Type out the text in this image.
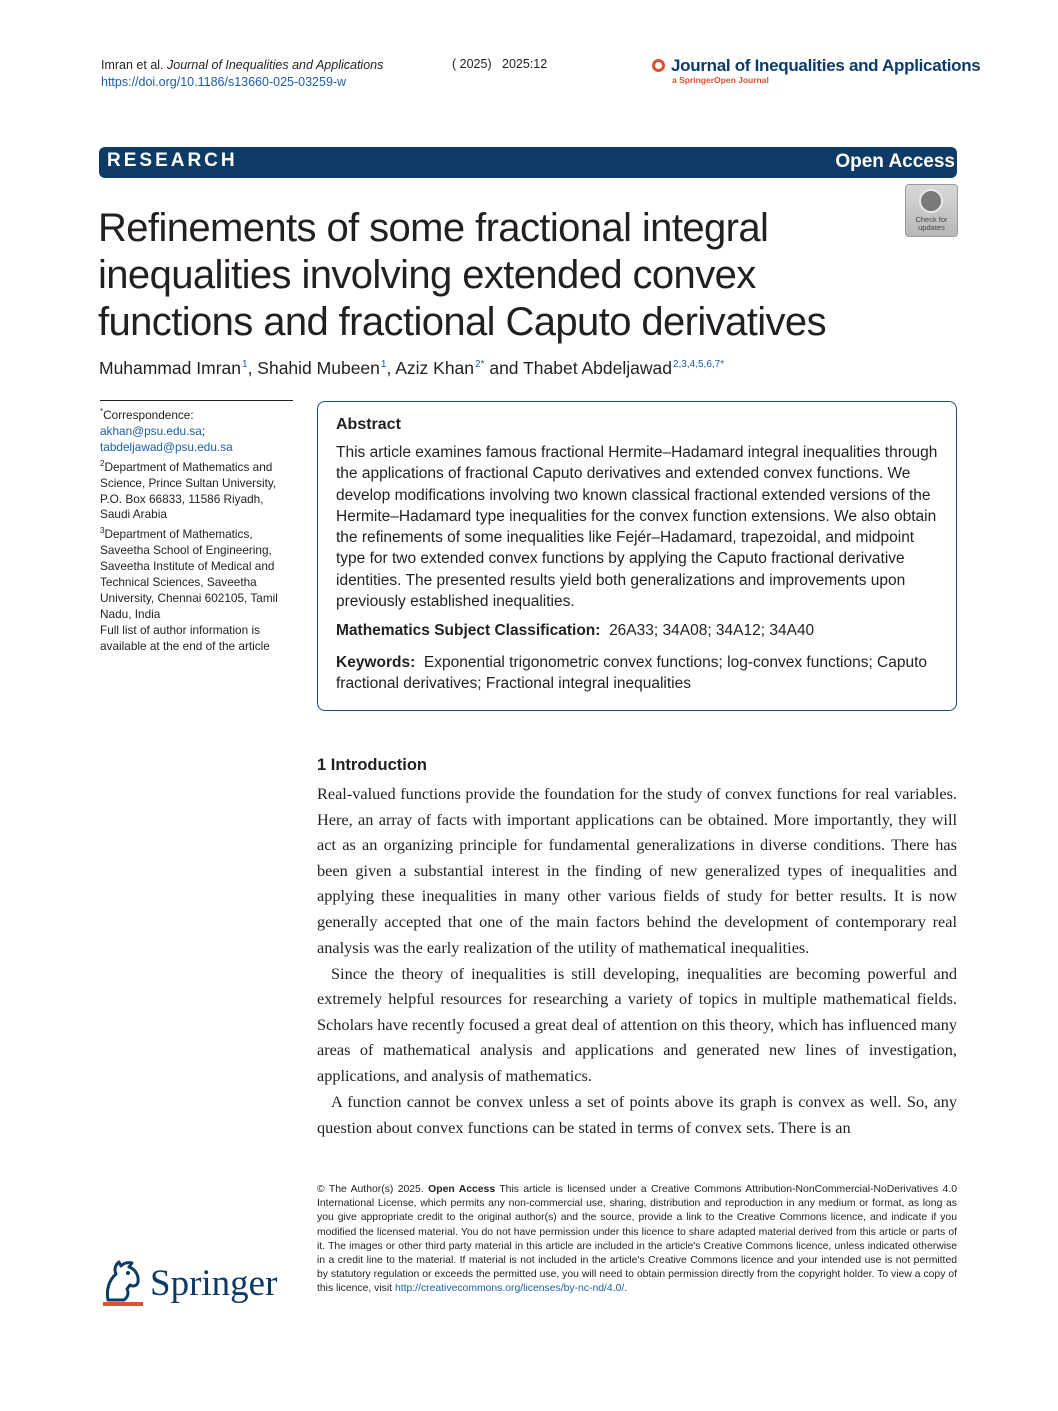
Imran et al. Journal of Inequalities and Applications
https://doi.org/10.1186/s13660-025-03259-w
( 2025) 2025:12	Journal of Inequalities and Applications
a SpringerOpen Journal
RESEARCH	Open Access
Refinements of some fractional integral inequalities involving extended convex functions and fractional Caputo derivatives
Check for updates
Muhammad Imran$^1$, Shahid Mubeen$^1$, Aziz Khan$^{2*}$ and Thabet Abdeljawad$^{2,3,4,5,6,7*}$
*Correspondence:
akhan@psu.edu.sa;
tabdeljawad@psu.edu.sa
$^2$Department of Mathematics and Science, Prince Sultan University, P.O. Box 66833, 11586 Riyadh, Saudi Arabia
$^3$Department of Mathematics, Saveetha School of Engineering, Saveetha Institute of Medical and Technical Sciences, Saveetha University, Chennai 602105, Tamil Nadu, India
Full list of author information is available at the end of the article
Abstract
This article examines famous fractional Hermite–Hadamard integral inequalities through the applications of fractional Caputo derivatives and extended convex functions. We develop modifications involving two known classical fractional extended versions of the Hermite–Hadamard type inequalities for the convex function extensions. We also obtain the refinements of some inequalities like Fejér–Hadamard, trapezoidal, and midpoint type for two extended convex functions by applying the Caputo fractional derivative identities. The presented results yield both generalizations and improvements upon previously established inequalities.
Mathematics Subject Classification: 26A33; 34A08; 34A12; 34A40
Keywords: Exponential trigonometric convex functions; log-convex functions; Caputo fractional derivatives; Fractional integral inequalities
1 Introduction

Real-valued functions provide the foundation for the study of convex functions for real variables. Here, an array of facts with important applications can be obtained. More importantly, they will act as an organizing principle for fundamental generalizations in diverse conditions. There has been given a substantial interest in the finding of new generalized types of inequalities and applying these inequalities in many other various fields of study for better results. It is now generally accepted that one of the main factors behind the development of contemporary real analysis was the early realization of the utility of mathematical inequalities.

Since the theory of inequalities is still developing, inequalities are becoming powerful and extremely helpful resources for researching a variety of topics in multiple mathematical fields. Scholars have recently focused a great deal of attention on this theory, which has influenced many areas of mathematical analysis and applications and generated new lines of investigation, applications, and analysis of mathematics.

A function cannot be convex unless a set of points above its graph is convex as well. So, any question about convex functions can be stated in terms of convex sets. There is an

© The Author(s) 2025. Open Access This article is licensed under a Creative Commons Attribution-NonCommercial-NoDerivatives 4.0 International License, which permits any non-commercial use, sharing, distribution and reproduction in any medium or format, as long as you give appropriate credit to the original author(s) and the source, provide a link to the Creative Commons licence, and indicate if you modified the licensed material. You do not have permission under this licence to share adapted material derived from this article or parts of it. The images or other third party material in this article are included in the article's Creative Commons licence, unless indicated otherwise in a credit line to the material. If material is not included in the article's Creative Commons licence and your intended use is not permitted by statutory regulation or exceeds the permitted use, you will need to obtain permission directly from the copyright holder. To view a copy of this licence, visit http://creativecommons.org/licenses/by-nc-nd/4.0/.
Springer
